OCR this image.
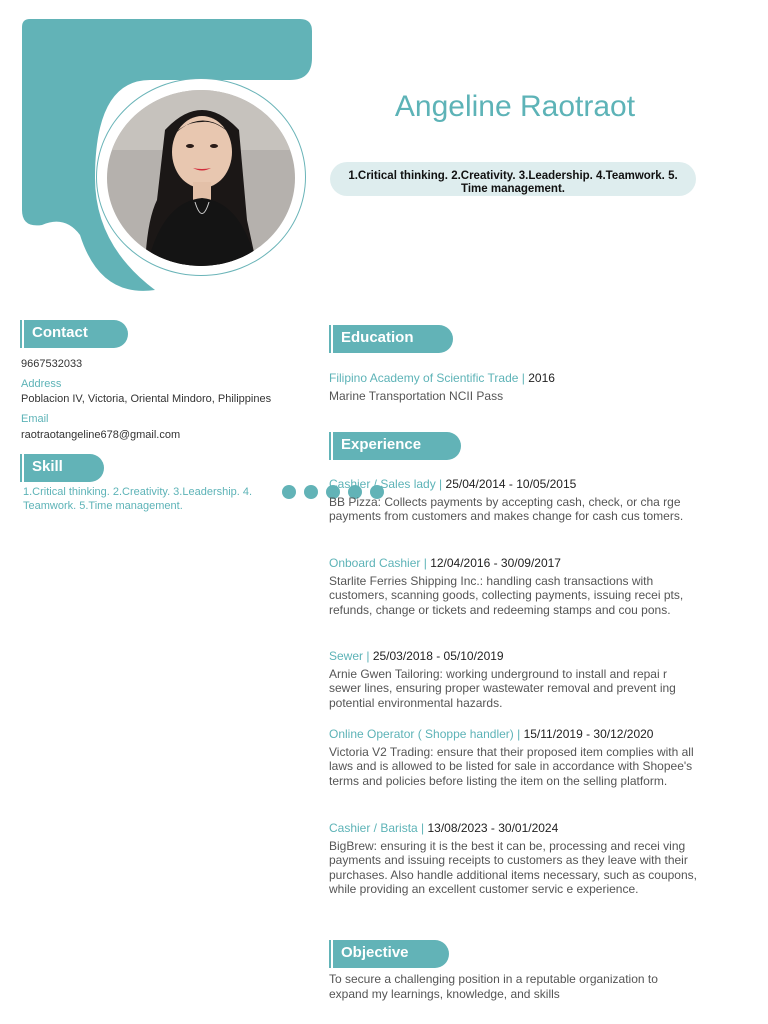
Angeline Raotraot
1.Critical thinking. 2.Creativity. 3.Leadership. 4.Teamwork. 5. Time management.
Contact
9667532033
Address
Poblacion IV, Victoria, Oriental Mindoro, Philippines
Email
raotraotangeline678@gmail.com
Skill
1.Critical thinking. 2.Creativity. 3.Leadership. 4. Teamwork. 5.Time management.
Education
Filipino Academy of Scientific Trade | 2016
Marine Transportation NCII Pass
Experience
Cashier / Sales lady | 25/04/2014 - 10/05/2015
BB Pizza: Collects payments by accepting cash, check, or cha rge payments from customers and makes change for cash cus tomers.
Onboard Cashier | 12/04/2016 - 30/09/2017
Starlite Ferries Shipping Inc.: handling cash transactions with customers, scanning goods, collecting payments, issuing recei pts, refunds, change or tickets and redeeming stamps and cou pons.
Sewer | 25/03/2018 - 05/10/2019
Arnie Gwen Tailoring: working underground to install and repai r sewer lines, ensuring proper wastewater removal and prevent ing potential environmental hazards.
Online Operator ( Shoppe handler) | 15/11/2019 - 30/12/2020
Victoria V2 Trading: ensure that their proposed item complies with all laws and is allowed to be listed for sale in accordance with Shopee's terms and policies before listing the item on the selling platform.
Cashier / Barista | 13/08/2023 - 30/01/2024
BigBrew: ensuring it is the best it can be, processing and recei ving payments and issuing receipts to customers as they leave with their purchases. Also handle additional items necessary, such as coupons, while providing an excellent customer servic e experience.
Objective
To secure a challenging position in a reputable organization to expand my learnings, knowledge, and skills
